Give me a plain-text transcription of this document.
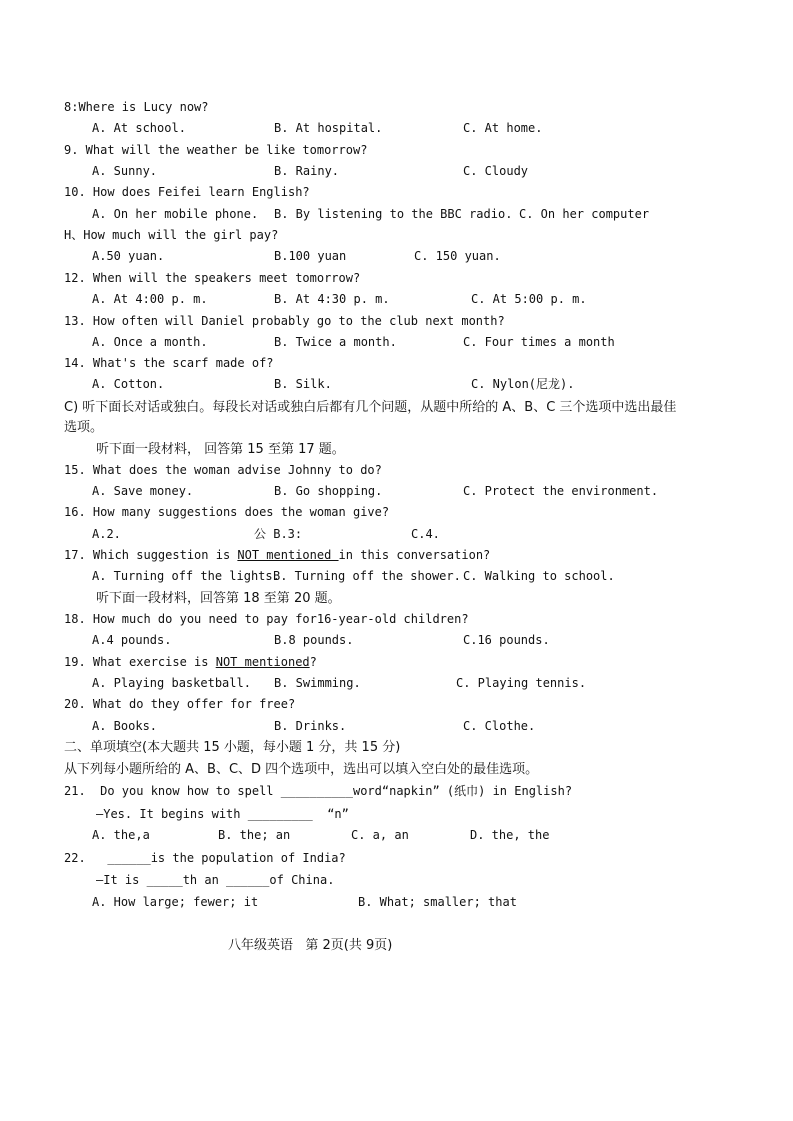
8:Where is Lucy now?
A. At school.	B. At hospital.	C. At home.
9. What will the weather be like tomorrow?
A. Sunny.	B. Rainy.	C. Cloudy
10. How does Feifei learn English?
A. On her mobile phone. B. By listening to the BBC radio. C. On her computer
H、How much will the girl pay?
A.50 yuan.	B.100 yuan	C. 150 yuan.
12. When will the speakers meet tomorrow?
A. At 4:00 p. m.	B. At 4:30 p. m.	C. At 5:00 p. m.
13. How often will Daniel probably go to the club next month?
A. Once a month.	B. Twice a month.	C. Four times a month
14. What's the scarf made of?
A. Cotton.	B. Silk.	C. Nylon(尼龙).
C) 听下面长对话或独白。每段长对话或独白后都有几个问题，从题中所给的 A、B、C 三个选项中选出最佳
选项。
听下面一段材料， 回答第 15 至第 17 题。
15. What does the woman advise Johnny to do?
A. Save money.	B. Go shopping.	C. Protect the environment.
16. How many suggestions does the woman give?
A.2.	公 B.3:	C.4.
17. Which suggestion is NOT mentioned in this conversation?
A. Turning off the lights.
B. Turning off the shower. C. Walking to school.
听下面一段材料，回答第 18 至第 20 题。
18. How much do you need to pay for16-year-old children?
A.4 pounds.	B.8 pounds.	C.16 pounds.
19. What exercise is NOT mentioned?
A. Playing basketball. B. Swimming.	C. Playing tennis.
20. What do they offer for free?
A. Books.	B. Drinks.	C. Clothe.
二、单项填空(本大题共 15 小题，每小题 1 分，共 15 分)
从下列每小题所给的 A、B、C、D 四个选项中，选出可以填入空白处的最佳选项。
21.  Do you know how to spell __________word“napkin” (纸巾) in English?
—Yes. It begins with _________  “n”
A. the,a	B. the; an	C. a, an	D. the, the
22.   ______is the population of India?
—It is _____th an ______of China.
A. How large; fewer; it	B. What; smaller; that
八年级英语   第 2页(共 9页)
